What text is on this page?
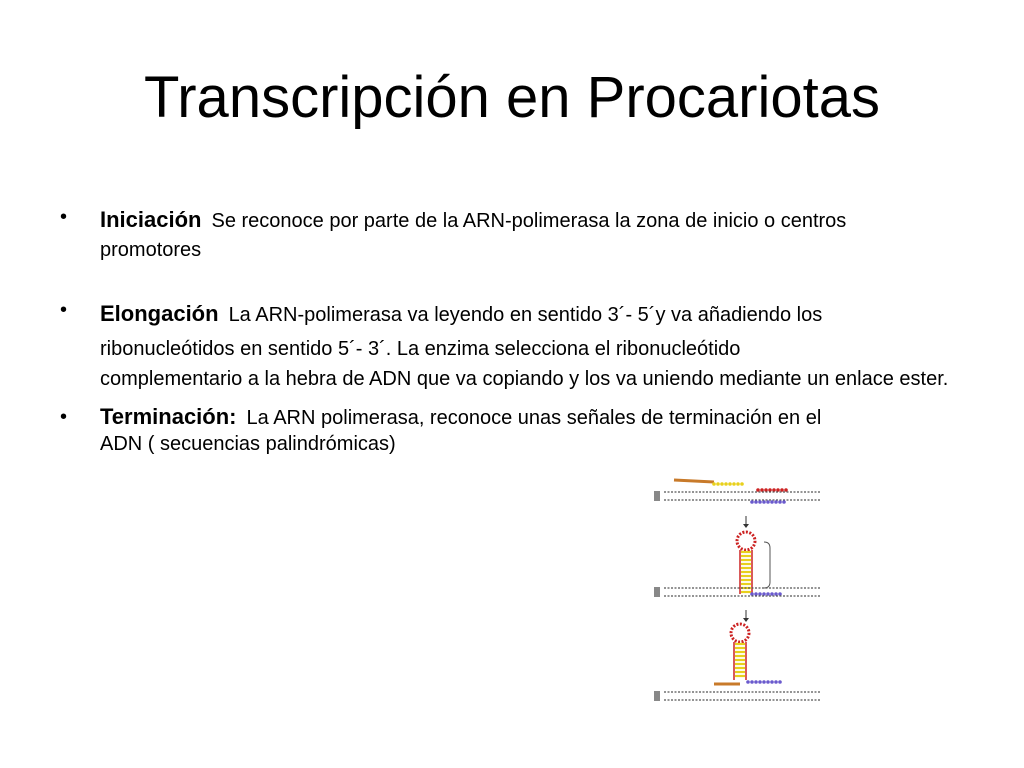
Transcripción en Procariotas
• Iniciación Se reconoce por parte de la ARN-polimerasa la zona de inicio o centros
promotores
• Elongación La ARN-polimerasa va leyendo en sentido 3´- 5´y va añadiendo los
ribonucleótidos en sentido 5´- 3´. La enzima selecciona el ribonucleótido
complementario a la hebra de ADN que va copiando y los va uniendo mediante un enlace ester.
• Terminación: La ARN polimerasa, reconoce unas señales de terminación en el
ADN ( secuencias palindrómicas)
